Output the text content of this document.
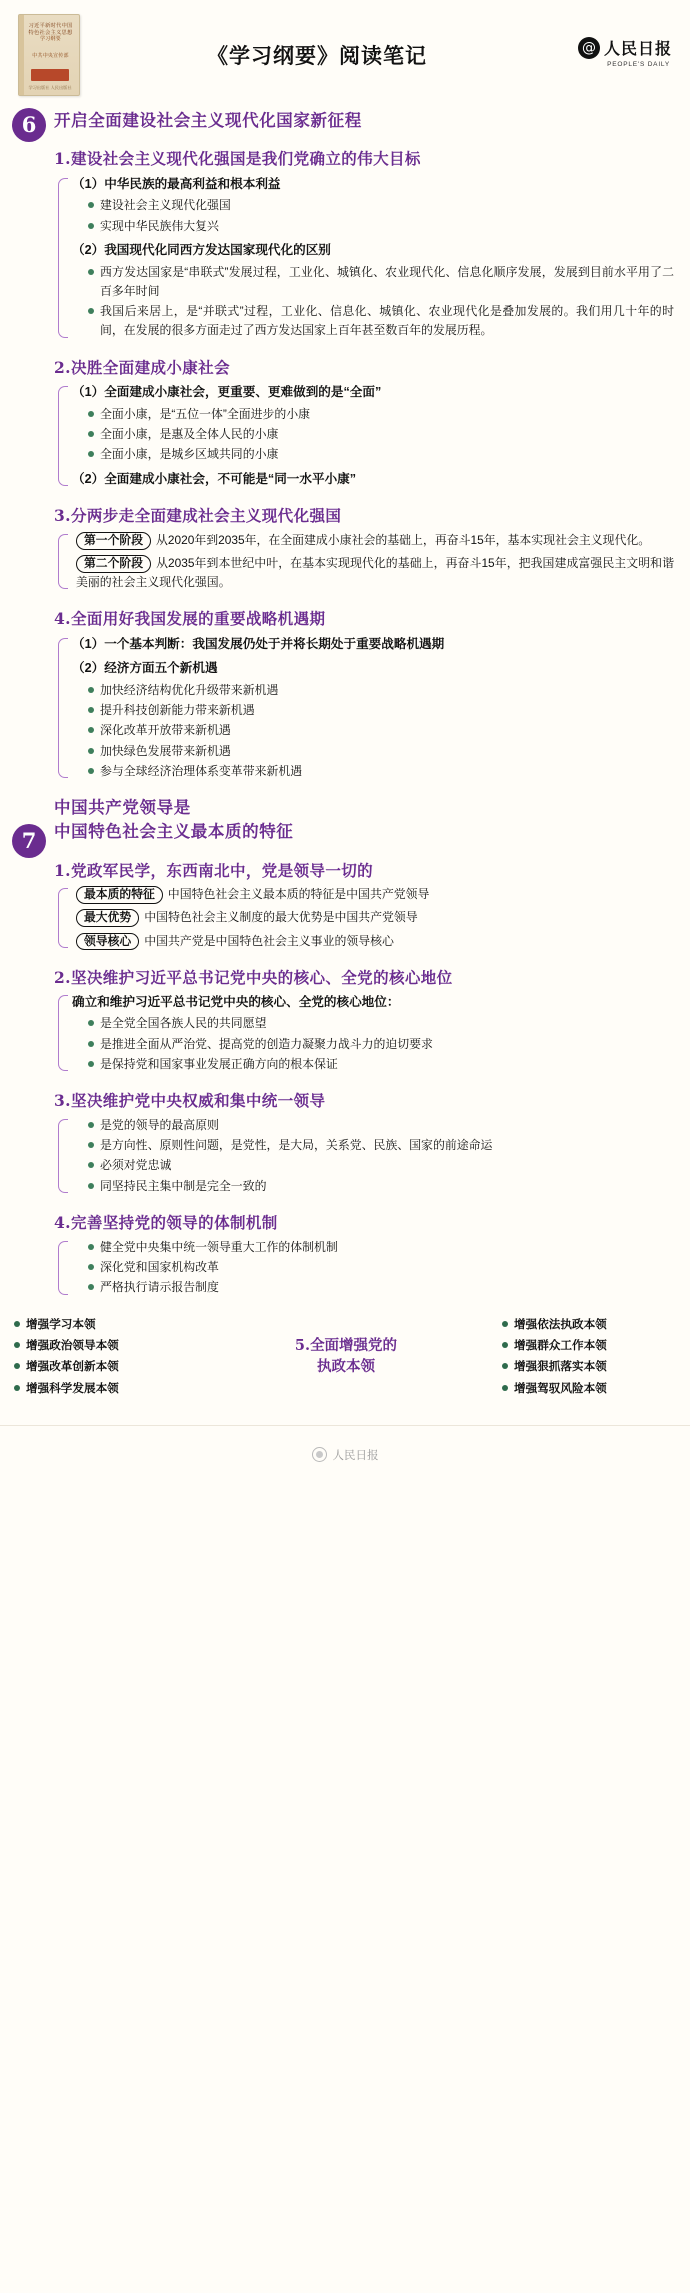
习近平新时代中国特色社会主义思想
学习纲要
中共中央宣传部
学习出版社 人民出版社
《学习纲要》阅读笔记	@ 人民日报
PEOPLE'S DAILY
6	开启全面建设社会主义现代化国家新征程
1.建设社会主义现代化强国是我们党确立的伟大目标
（1）中华民族的最高利益和根本利益
建设社会主义现代化强国
实现中华民族伟大复兴
（2）我国现代化同西方发达国家现代化的区别
西方发达国家是“串联式”发展过程，工业化、城镇化、农业现代化、信息化顺序发展，发展到目前水平用了二百多年时间
我国后来居上，是“并联式”过程，工业化、信息化、城镇化、农业现代化是叠加发展的。我们用几十年的时间，在发展的很多方面走过了西方发达国家上百年甚至数百年的发展历程。
2.决胜全面建成小康社会
（1）全面建成小康社会，更重要、更难做到的是“全面”
全面小康，是“五位一体”全面进步的小康
全面小康，是惠及全体人民的小康
全面小康，是城乡区域共同的小康
（2）全面建成小康社会，不可能是“同一水平小康”
3.分两步走全面建成社会主义现代化强国
第一个阶段 从2020年到2035年，在全面建成小康社会的基础上，再奋斗15年，基本实现社会主义现代化。
第二个阶段 从2035年到本世纪中叶，在基本实现现代化的基础上，再奋斗15年，把我国建成富强民主文明和谐美丽的社会主义现代化强国。
4.全面用好我国发展的重要战略机遇期
（1）一个基本判断：我国发展仍处于并将长期处于重要战略机遇期
（2）经济方面五个新机遇
加快经济结构优化升级带来新机遇
提升科技创新能力带来新机遇
深化改革开放带来新机遇
加快绿色发展带来新机遇
参与全球经济治理体系变革带来新机遇
7
中国共产党领导是
中国特色社会主义最本质的特征
1.党政军民学，东西南北中，党是领导一切的
最本质的特征 中国特色社会主义最本质的特征是中国共产党领导
最大优势 中国特色社会主义制度的最大优势是中国共产党领导
领导核心 中国共产党是中国特色社会主义事业的领导核心
2.坚决维护习近平总书记党中央的核心、全党的核心地位
确立和维护习近平总书记党中央的核心、全党的核心地位：
是全党全国各族人民的共同愿望
是推进全面从严治党、提高党的创造力凝聚力战斗力的迫切要求
是保持党和国家事业发展正确方向的根本保证
3.坚决维护党中央权威和集中统一领导
是党的领导的最高原则
是方向性、原则性问题，是党性，是大局，关系党、民族、国家的前途命运
必须对党忠诚
同坚持民主集中制是完全一致的
4.完善坚持党的领导的体制机制
健全党中央集中统一领导重大工作的体制机制
深化党和国家机构改革
严格执行请示报告制度
增强学习本领
增强政治领导本领
增强改革创新本领
增强科学发展本领
5.全面增强党的
执政本领
增强依法执政本领
增强群众工作本领
增强狠抓落实本领
增强驾驭风险本领
人民日报
